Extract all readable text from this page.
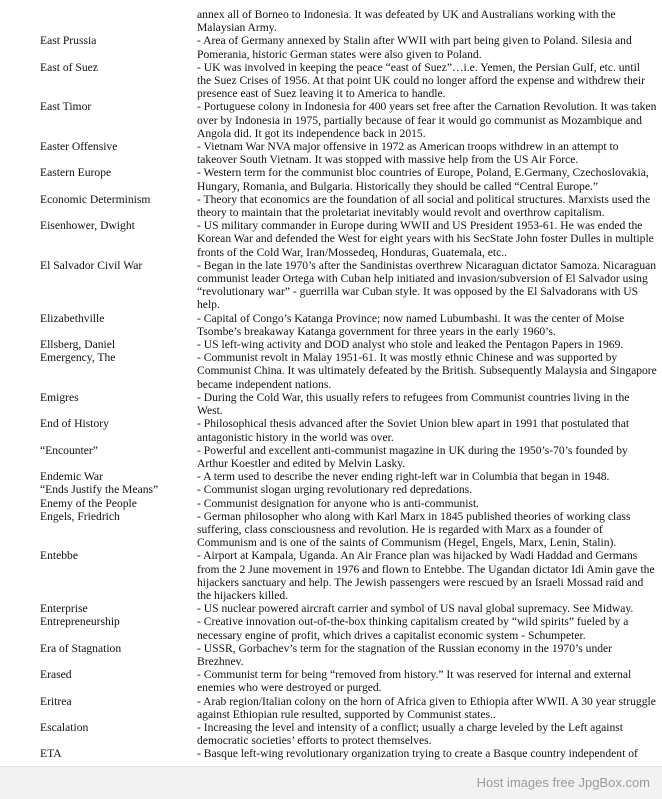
annex all of Borneo to Indonesia. It was defeated by UK and Australians working with the Malaysian Army.
East Prussia	- Area of Germany annexed by Stalin after WWII with part being given to Poland. Silesia and Pomerania, historic German states were also given to Poland.
East of Suez	- UK was involved in keeping the peace “east of Suez”…i.e. Yemen, the Persian Gulf, etc. until the Suez Crises of 1956. At that point UK could no longer afford the expense and withdrew their presence east of Suez leaving it to America to handle.
East Timor	- Portuguese colony in Indonesia for 400 years set free after the Carnation Revolution. It was taken over by Indonesia in 1975, partially because of fear it would go communist as Mozambique and Angola did. It got its independence back in 2015.
Easter Offensive	- Vietnam War NVA major offensive in 1972 as American troops withdrew in an attempt to takeover South Vietnam. It was stopped with massive help from the US Air Force.
Eastern Europe	- Western term for the communist bloc countries of Europe, Poland, E.Germany, Czechoslovakia, Hungary, Romania, and Bulgaria. Historically they should be called “Central Europe.”
Economic Determinism	- Theory that economics are the foundation of all social and political structures. Marxists used the theory to maintain that the proletariat inevitably would revolt and overthrow capitalism.
Eisenhower, Dwight	- US military commander in Europe during WWII and US President 1953-61. He was ended the Korean War and defended the West for eight years with his SecState John foster Dulles in multiple fronts of the Cold War, Iran/Mossedeq, Honduras, Guatemala, etc..
El Salvador Civil War	- Began in the late 1970’s after the Sandinistas overthrew Nicaraguan dictator Samoza. Nicaraguan communist leader Ortega with Cuban help initiated and invasion/subversion of El Salvador using “revolutionary war” - guerrilla war Cuban style. It was opposed by the El Salvadorans with US help.
Elizabethville	- Capital of Congo’s Katanga Province; now named Lubumbashi. It was the center of Moise Tsombe’s breakaway Katanga government for three years in the early 1960’s.
Ellsberg, Daniel	- US left-wing activity and DOD analyst who stole and leaked the Pentagon Papers in 1969.
Emergency, The	- Communist revolt in Malay 1951-61. It was mostly ethnic Chinese and was supported by Communist China. It was ultimately defeated by the British. Subsequently Malaysia and Singapore became independent nations.
Emigres	- During the Cold War, this usually refers to refugees from Communist countries living in the West.
End of History	- Philosophical thesis advanced after the Soviet Union blew apart in 1991 that postulated that antagonistic history in the world was over.
“Encounter”	- Powerful and excellent anti-communist magazine in UK during the 1950’s-70’s founded by Arthur Koestler and edited by Melvin Lasky.
Endemic War	- A term used to describe the never ending right-left war in Columbia that began in 1948.
“Ends Justify the Means”	- Communist slogan urging revolutionary red depredations.
Enemy of the People	- Communist designation for anyone who is anti-communist.
Engels, Friedrich	- German philosopher who along with Karl Marx in 1845 published theories of working class suffering, class consciousness and revolution. He is regarded with Marx as a founder of Communism and is one of the saints of Communism (Hegel, Engels, Marx, Lenin, Stalin).
Entebbe	- Airport at Kampala, Uganda. An Air France plan was hijacked by Wadi Haddad and Germans from the 2 June movement in 1976 and flown to Entebbe. The Ugandan dictator Idi Amin gave the hijackers sanctuary and help. The Jewish passengers were rescued by an Israeli Mossad raid and the hijackers killed.
Enterprise	- US nuclear powered aircraft carrier and symbol of US naval global supremacy. See Midway.
Entrepreneurship	- Creative innovation out-of-the-box thinking capitalism created by “wild spirits” fueled by a necessary engine of profit, which drives a capitalist economic system - Schumpeter.
Era of Stagnation	- USSR, Gorbachev’s term for the stagnation of the Russian economy in the 1970’s under Brezhnev.
Erased	- Communist term for being “removed from history.” It was reserved for internal and external enemies who were destroyed or purged.
Eritrea	- Arab region/Italian colony on the horn of Africa given to Ethiopia after WWII. A 30 year struggle against Ethiopian rule resulted, supported by Communist states..
Escalation	- Increasing the level and intensity of a conflict; usually a charge leveled by the Left against democratic societies’ efforts to protect themselves.
ETA	- Basque left-wing revolutionary organization trying to create a Basque country independent of
Host images free JpgBox.com
